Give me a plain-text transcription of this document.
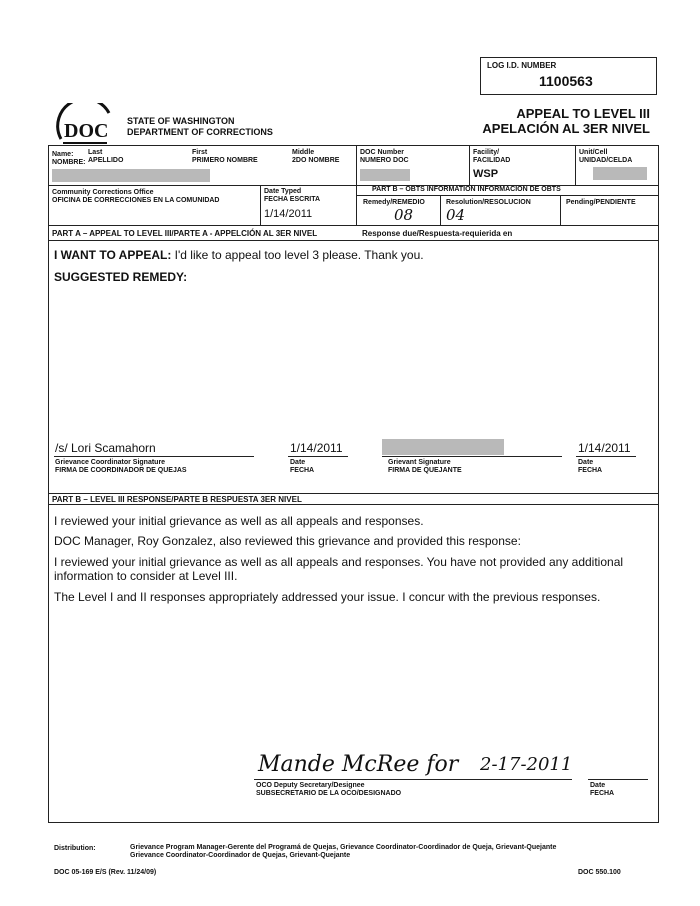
LOG I.D. NUMBER
1100563
DOC STATE OF WASHINGTON
DEPARTMENT OF CORRECTIONS
APPEAL TO LEVEL III
APELACIÓN AL 3ER NIVEL
Name:
NOMBRE:
Last
APELLIDO
First
PRIMERO NOMBRE
Middle
2DO NOMBRE
DOC Number
NUMERO DOC
Facility/
FACILIDAD
WSP
Unit/Cell
UNIDAD/CELDA
Community Corrections Office
OFICINA DE CORRECCIONES EN LA COMUNIDAD
Date Typed
FECHA ESCRITA
1/14/2011
PART B – OBTS INFORMATION INFORMACION DE OBTS
Remedy/REMEDIO
08
Resolution/RESOLUCION
04
Pending/PENDIENTE
PART A – APPEAL TO LEVEL III/PARTE A - APPELCIÓN AL 3ER NIVEL	Response due/Respuesta-requierida en
I WANT TO APPEAL: I'd like to appeal too level 3 please. Thank you.
SUGGESTED REMEDY:
/s/ Lori Scamahorn
Grievance Coordinator Signature
FIRMA DE COORDINADOR DE QUEJAS
1/14/2011
Date
FECHA
Grievant Signature
FIRMA DE QUEJANTE
1/14/2011
Date
FECHA
PART B – LEVEL III RESPONSE/PARTE B RESPUESTA 3ER NIVEL
I reviewed your initial grievance as well as all appeals and responses.
DOC Manager, Roy Gonzalez, also reviewed this grievance and provided this response:
I reviewed your initial grievance as well as all appeals and responses. You have not provided any additional information to consider at Level III.
The Level I and II responses appropriately addressed your issue. I concur with the previous responses.
Mande McRee for 2-17-2011
OCO Deputy Secretary/Designee
SUBSECRETARIO DE LA OCO/DESIGNADO
Date
FECHA
Distribution:	Grievance Program Manager-Gerente del Programá de Quejas, Grievance Coordinator-Coordinador de Queja, Grievant-Quejante
Grievance Coordinator-Coordinador de Quejas, Grievant-Quejante
DOC 05-169 E/S (Rev. 11/24/09)	DOC 550.100
